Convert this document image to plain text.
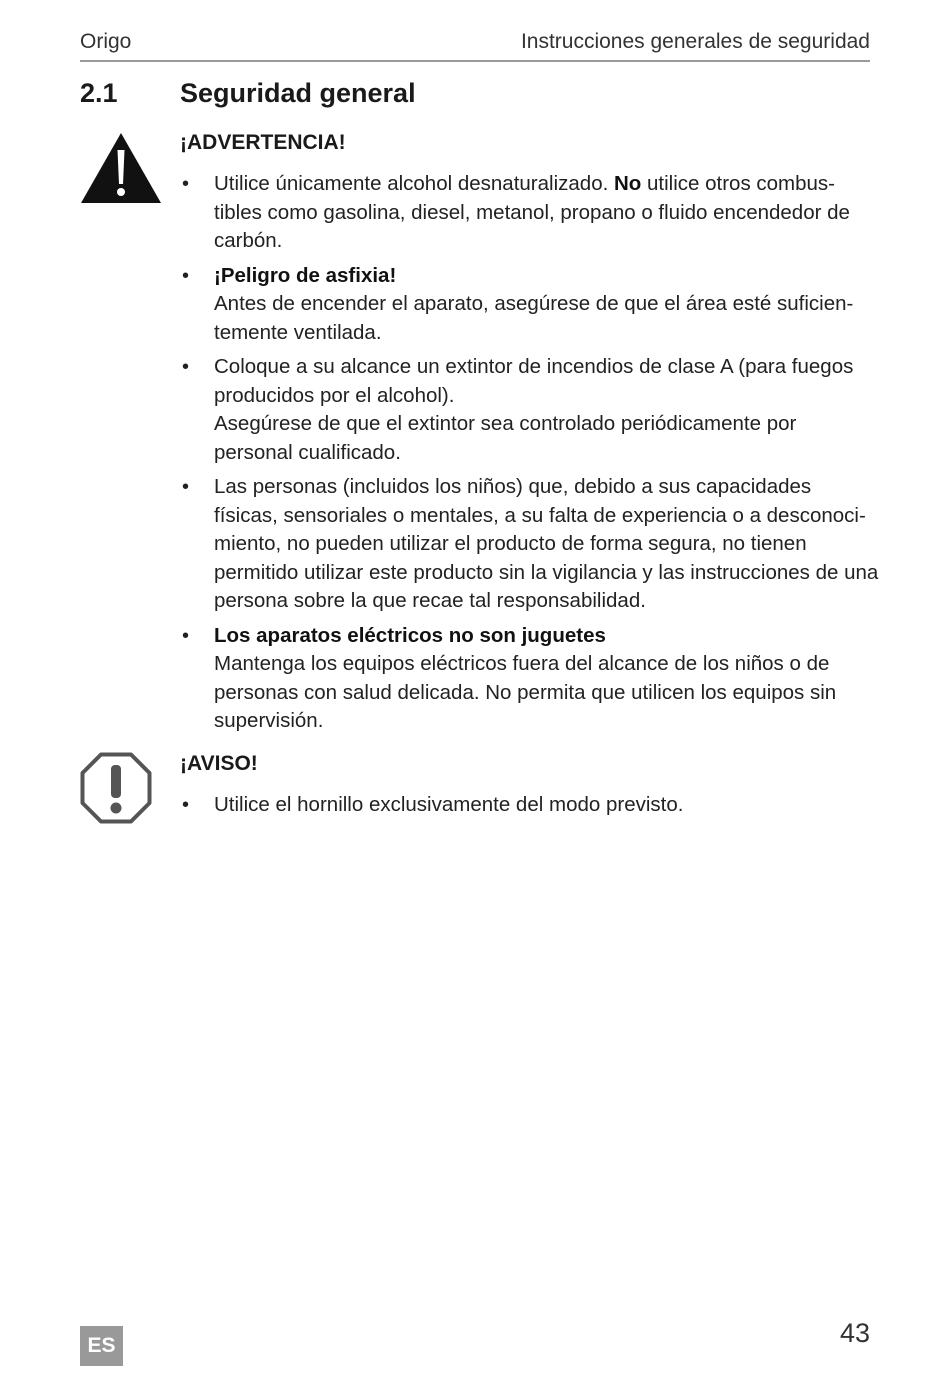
Origo	Instrucciones generales de seguridad
2.1 Seguridad general
¡ADVERTENCIA!
• Utilice únicamente alcohol desnaturalizado. No utilice otros combus-tibles como gasolina, diesel, metanol, propano o fluido encendedor de carbón.
• ¡Peligro de asfixia!
Antes de encender el aparato, asegúrese de que el área esté suficien-temente ventilada.
• Coloque a su alcance un extintor de incendios de clase A (para fuegos producidos por el alcohol).
Asegúrese de que el extintor sea controlado periódicamente por personal cualificado.
• Las personas (incluidos los niños) que, debido a sus capacidades físicas, sensoriales o mentales, a su falta de experiencia o a desconoci-miento, no pueden utilizar el producto de forma segura, no tienen permitido utilizar este producto sin la vigilancia y las instrucciones de una persona sobre la que recae tal responsabilidad.
• Los aparatos eléctricos no son juguetes
Mantenga los equipos eléctricos fuera del alcance de los niños o de personas con salud delicada. No permita que utilicen los equipos sin supervisión.
¡AVISO!
• Utilice el hornillo exclusivamente del modo previsto.
ES	43
